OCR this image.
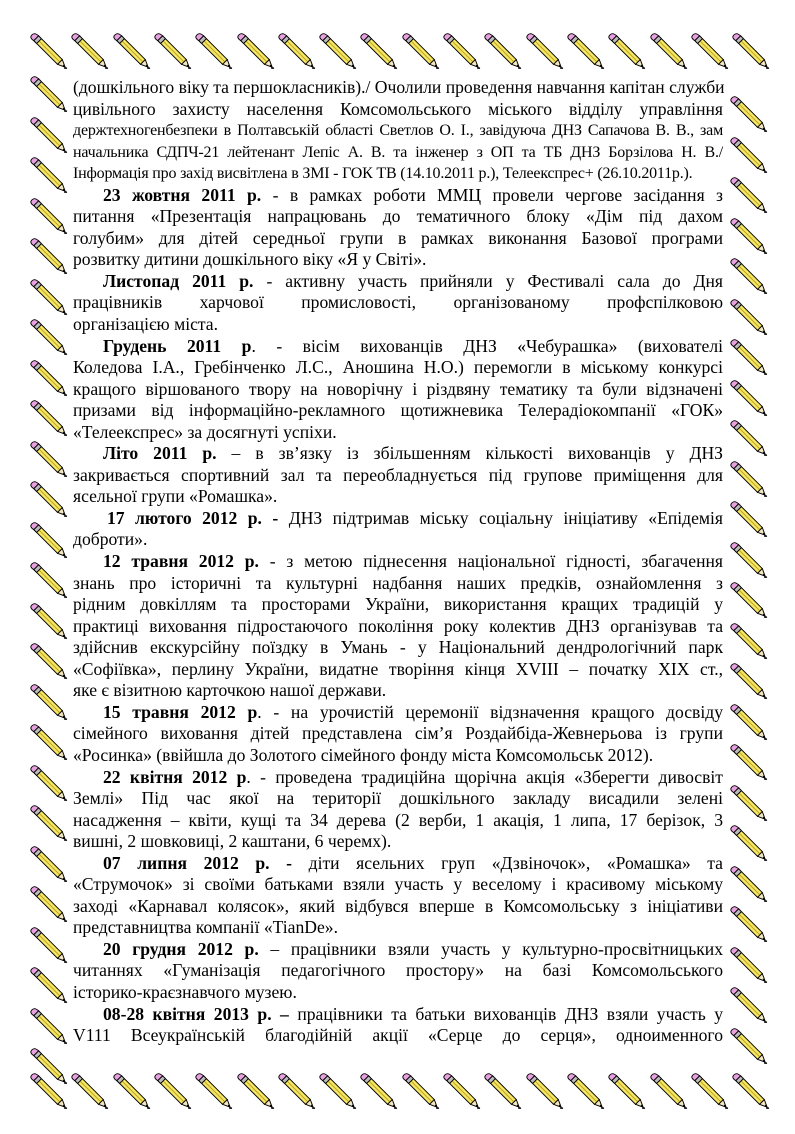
(дошкільного віку та першокласників)./ Очолили проведення навчання капітан служби
цивільного захисту населення Комсомольського міського відділу управління
держтехногенбезпеки в Полтавській області Светлов О. І., завідуюча ДНЗ Сапачова В. В., зам
начальника СДПЧ-21 лейтенант Лепіс А. В. та інженер з ОП та ТБ ДНЗ Борзілова Н. В./
Інформація про захід висвітлена в ЗМІ - ГОК ТВ (14.10.2011 р.), Телеекспрес+ (26.10.2011р.).
23 жовтня 2011 р. - в рамках роботи ММЦ провели чергове засідання з
питання «Презентація напрацювань до тематичного блоку «Дім під дахом
голубим» для дітей середньої групи в рамках виконання Базової програми
розвитку дитини дошкільного віку «Я у Світі».
Листопад 2011 р. - активну участь прийняли у Фестивалі сала до Дня
працівників харчової промисловості, організованому профспілковою
організацією міста.
Грудень 2011 р. - вісім вихованців ДНЗ «Чебурашка» (вихователі
Коледова І.А., Гребінченко Л.С., Аношина Н.О.) перемогли в міському конкурсі
кращого віршованого твору на новорічну і різдвяну тематику та були відзначені
призами від інформаційно-рекламного щотижневика Телерадіокомпанії «ГОК»
«Телеекспрес» за досягнуті успіхи.
Літо 2011 р. – в зв’язку із збільшенням кількості вихованців у ДНЗ
закривається спортивний зал та переобладнується під групове приміщення для
ясельної групи «Ромашка».
17 лютого 2012 р. - ДНЗ підтримав міську соціальну ініціативу «Епідемія
доброти».
12 травня 2012 р. - з метою піднесення національної гідності, збагачення
знань про історичні та культурні надбання наших предків, ознайомлення з
рідним довкіллям та просторами України, використання кращих традицій у
практиці виховання підростаючого покоління року колектив ДНЗ організував та
здійснив екскурсійну поїздку в Умань - у Національний дендрологічний парк
«Софіївка», перлину України, видатне творіння кінця XVIII – початку XIX ст.,
яке є візитною карточкою нашої держави.
15 травня 2012 р. - на урочистій церемонії відзначення кращого досвіду
сімейного виховання дітей представлена сім’я Роздайбіда-Жевнерьова із групи
«Росинка» (ввійшла до Золотого сімейного фонду міста Комсомольськ 2012).
22 квітня 2012 р. - проведена традиційна щорічна акція «Зберегти дивосвіт
Землі» Під час якої на території дошкільного закладу висадили зелені
насадження – квіти, кущі та 34 дерева (2 верби, 1 акація, 1 липа, 17 берізок, 3
вишні, 2 шовковиці, 2 каштани, 6 черемх).
07 липня 2012 р. - діти ясельних груп «Дзвіночок», «Ромашка» та
«Струмочок» зі своїми батьками взяли участь у веселому і красивому міському
заході «Карнавал колясок», який відбувся вперше в Комсомольську з ініціативи
представництва компанії «TianDe».
20 грудня 2012 р. – працівники взяли участь у культурно-просвітницьких
читаннях «Гуманізація педагогічного простору» на базі Комсомольського
історико-краєзнавчого музею.
08-28 квітня 2013 р. – працівники та батьки вихованців ДНЗ взяли участь у
V111 Всеукраїнській благодійній акції «Серце до серця», одноименного
